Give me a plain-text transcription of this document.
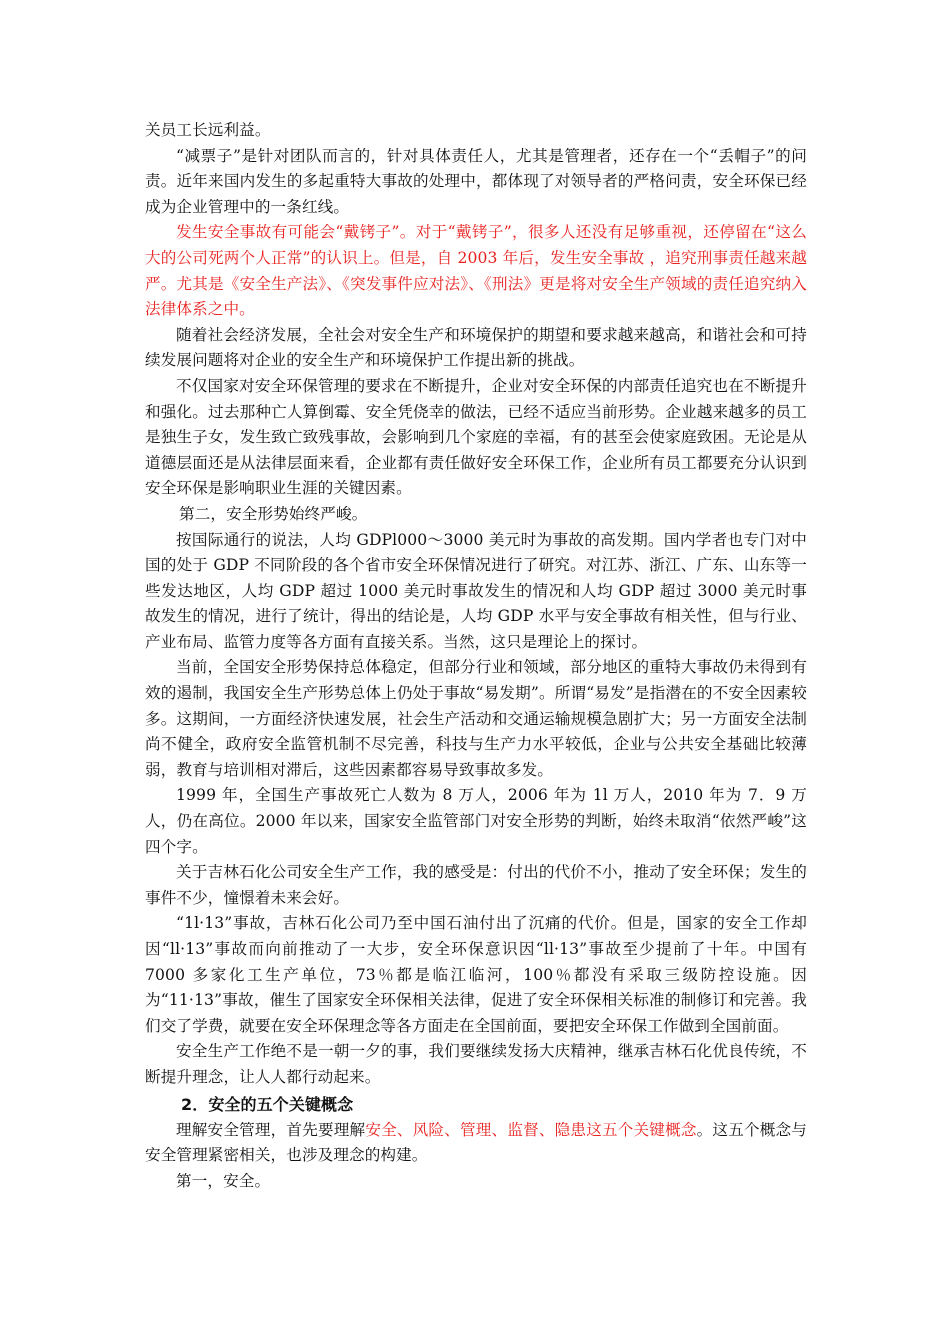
关员工长远利益。

“减票子”是针对团队而言的，针对具体责任人，尤其是管理者，还存在一个“丢帽子”的问责。近年来国内发生的多起重特大事故的处理中，都体现了对领导者的严格问责，安全环保已经成为企业管理中的一条红线。

发生安全事故有可能会“戴铐子”。对于“戴铐子”，很多人还没有足够重视，还停留在“这么大的公司死两个人正常”的认识上。但是，自 2003 年后，发生安全事故 ，追究刑事责任越来越严。尤其是《安全生产法》、《突发事件应对法》、《刑法》更是将对安全生产领域的责任追究纳入法律体系之中。

随着社会经济发展，全社会对安全生产和环境保护的期望和要求越来越高，和谐社会和可持续发展问题将对企业的安全生产和环境保护工作提出新的挑战。

不仅国家对安全环保管理的要求在不断提升，企业对安全环保的内部责任追究也在不断提升和强化。过去那种亡人算倒霉、安全凭侥幸的做法，已经不适应当前形势。企业越来越多的员工是独生子女，发生致亡致残事故，会影响到几个家庭的幸福，有的甚至会使家庭致困。无论是从道德层面还是从法律层面来看，企业都有责任做好安全环保工作，企业所有员工都要充分认识到安全环保是影响职业生涯的关键因素。

第二，安全形势始终严峻。

按国际通行的说法，人均 GDPl000～3000 美元时为事故的高发期。国内学者也专门对中国的处于 GDP 不同阶段的各个省市安全环保情况进行了研究。对江苏、浙江、广东、山东等一些发达地区，人均 GDP 超过 1000 美元时事故发生的情况和人均 GDP 超过 3000 美元时事故发生的情况，进行了统计，得出的结论是，人均 GDP 水平与安全事故有相关性，但与行业、产业布局、监管力度等各方面有直接关系。当然，这只是理论上的探讨。

当前，全国安全形势保持总体稳定，但部分行业和领域，部分地区的重特大事故仍未得到有效的遏制，我国安全生产形势总体上仍处于事故“易发期”。所谓“易发”是指潜在的不安全因素较多。这期间，一方面经济快速发展，社会生产活动和交通运输规模急剧扩大；另一方面安全法制尚不健全，政府安全监管机制不尽完善，科技与生产力水平较低，企业与公共安全基础比较薄弱，教育与培训相对滞后，这些因素都容易导致事故多发。

1999 年，全国生产事故死亡人数为 8 万人，2006 年为 1l 万人，2010 年为 7．9 万人，仍在高位。2000 年以来，国家安全监管部门对安全形势的判断，始终未取消“依然严峻”这四个字。

关于吉林石化公司安全生产工作，我的感受是：付出的代价不小，推动了安全环保；发生的事件不少，憧憬着未来会好。

“1l·13”事故，吉林石化公司乃至中国石油付出了沉痛的代价。但是，国家的安全工作却因“ll·13”事故而向前推动了一大步，安全环保意识因“ll·13”事故至少提前了十年。中国有 7000 多家化工生产单位，73％都是临江临河，100％都没有采取三级防控设施。因为“11·13”事故，催生了国家安全环保相关法律，促进了安全环保相关标准的制修订和完善。我们交了学费，就要在安全环保理念等各方面走在全国前面，要把安全环保工作做到全国前面。

安全生产工作绝不是一朝一夕的事，我们要继续发扬大庆精神，继承吉林石化优良传统，不断提升理念，让人人都行动起来。

2．安全的五个关键概念

理解安全管理，首先要理解安全、风险、管理、监督、隐患这五个关键概念。这五个概念与安全管理紧密相关，也涉及理念的构建。

第一，安全。
